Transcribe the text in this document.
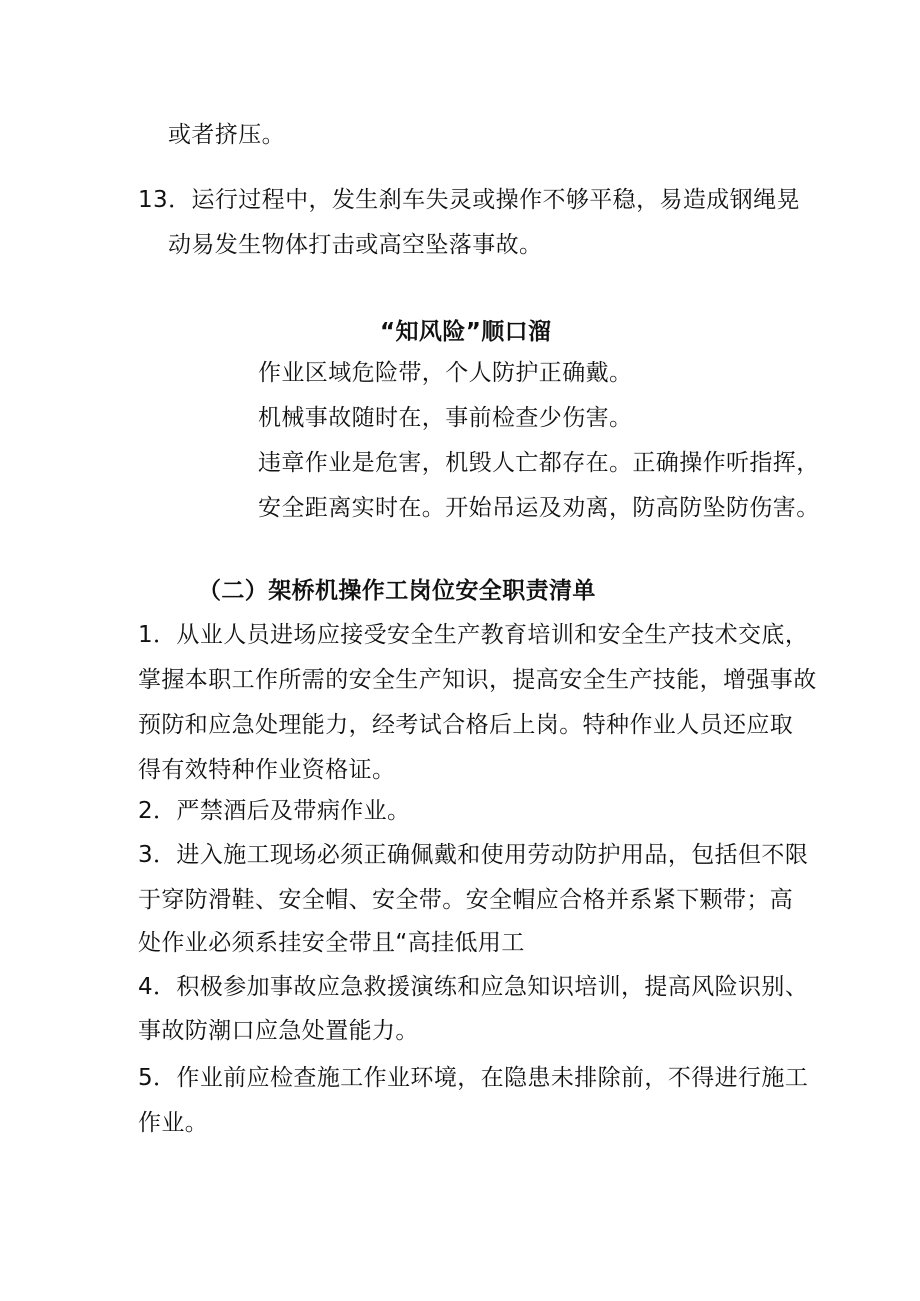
或者挤压。
13．运行过程中，发生刹车失灵或操作不够平稳，易造成钢绳晃
动易发生物体打击或高空坠落事故。
“知风险”顺口溜
作业区域危险带，个人防护正确戴。
机械事故随时在，事前检查少伤害。
违章作业是危害，机毁人亡都存在。正确操作听指挥，
安全距离实时在。开始吊运及劝离，防高防坠防伤害。
（二）架桥机操作工岗位安全职责清单
1．从业人员进场应接受安全生产教育培训和安全生产技术交底，
掌握本职工作所需的安全生产知识，提高安全生产技能，增强事故
预防和应急处理能力，经考试合格后上岗。特种作业人员还应取
得有效特种作业资格证。
2．严禁酒后及带病作业。
3．进入施工现场必须正确佩戴和使用劳动防护用品，包括但不限
于穿防滑鞋、安全帽、安全带。安全帽应合格并系紧下颗带；高
处作业必须系挂安全带且“高挂低用工
4．积极参加事故应急救援演练和应急知识培训，提高风险识别、
事故防潮口应急处置能力。
5．作业前应检查施工作业环境，在隐患未排除前，不得进行施工
作业。
